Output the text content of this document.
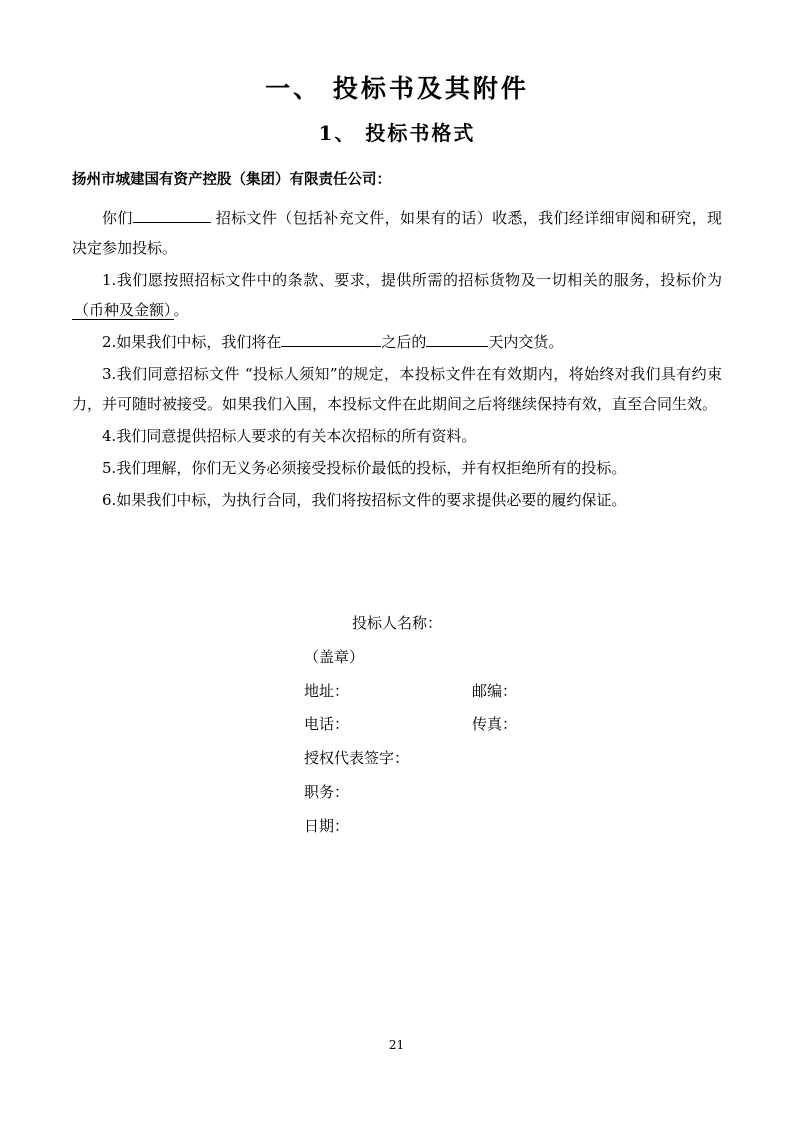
一、 投标书及其附件
1、 投标书格式

扬州市城建国有资产控股（集团）有限责任公司：

你们	招标文件（包括补充文件，如果有的话）收悉，我们经详细审阅和研究，现决定参加投标。

1.我们愿按照招标文件中的条款、要求，提供所需的招标货物及一切相关的服务，投标价为（币种及金额） 。

2.如果我们中标，我们将在	之后的	天内交货。

3.我们同意招标文件 “投标人须知”的规定，本投标文件在有效期内，将始终对我们具有约束力，并可随时被接受。如果我们入围，本投标文件在此期间之后将继续保持有效，直至合同生效。

4.我们同意提供招标人要求的有关本次招标的所有资料。

5.我们理解，你们无义务必须接受投标价最低的投标，并有权拒绝所有的投标。

6.如果我们中标，为执行合同，我们将按招标文件的要求提供必要的履约保证。

投标人名称：
（盖章）
地址：	邮编：
电话：	传真：
授权代表签字：
职务：
日期：
21
